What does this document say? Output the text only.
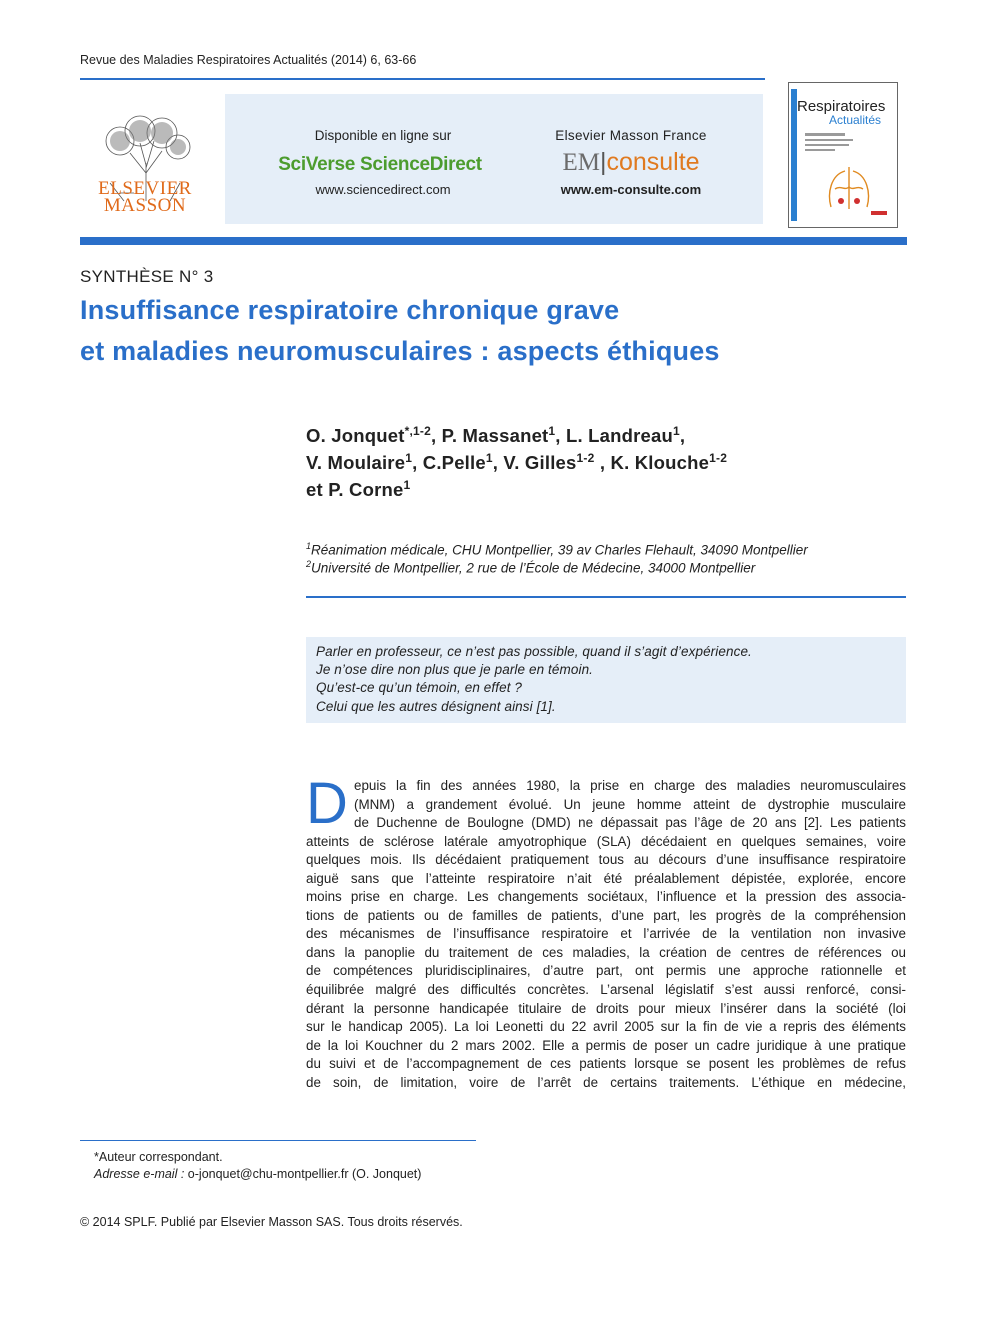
Revue des Maladies Respiratoires Actualités (2014) 6, 63-66
ELSEVIER
MASSON
Disponible en ligne sur
SciVerse ScienceDirect
www.sciencedirect.com
Elsevier Masson France
EM|consulte
www.em-consulte.com
Respiratoires
Actualités
SYNTHÈSE N° 3
Insuffisance respiratoire chronique grave
et maladies neuromusculaires : aspects éthiques
O. Jonquet$^{*,1-2}$, P. Massanet$^1$, L. Landreau$^1$,
V. Moulaire$^1$, C.Pelle$^1$, V. Gilles$^{1-2}$ , K. Klouche$^{1-2}$
et P. Corne$^1$
$^1$Réanimation médicale, CHU Montpellier, 39 av Charles Flehault, 34090 Montpellier
$^2$Université de Montpellier, 2 rue de l’École de Médecine, 34000 Montpellier
Parler en professeur, ce n’est pas possible, quand il s’agit d’expérience.
Je n’ose dire non plus que je parle en témoin.
Qu’est-ce qu’un témoin, en effet ?
Celui que les autres désignent ainsi [1].
D epuis la fin des années 1980, la prise en charge des maladies neuromusculaires
(MNM) a grandement évolué. Un jeune homme atteint de dystrophie musculaire
de Duchenne de Boulogne (DMD) ne dépassait pas l’âge de 20 ans [2]. Les patients
atteints de sclérose latérale amyotrophique (SLA) décédaient en quelques semaines, voire
quelques mois. Ils décédaient pratiquement tous au décours d’une insuffisance respiratoire
aiguë sans que l’atteinte respiratoire n’ait été préalablement dépistée, explorée, encore
moins prise en charge. Les changements sociétaux, l’influence et la pression des associa-
tions de patients ou de familles de patients, d’une part, les progrès de la compréhension
des mécanismes de l’insuffisance respiratoire et l’arrivée de la ventilation non invasive
dans la panoplie du traitement de ces maladies, la création de centres de références ou
de compétences pluridisciplinaires, d’autre part, ont permis une approche rationnelle et
équilibrée malgré des difficultés concrètes. L’arsenal législatif s’est aussi renforcé, consi-
dérant la personne handicapée titulaire de droits pour mieux l’insérer dans la société (loi
sur le handicap 2005). La loi Leonetti du 22 avril 2005 sur la fin de vie a repris des éléments
de la loi Kouchner du 2 mars 2002. Elle a permis de poser un cadre juridique à une pratique
du suivi et de l’accompagnement de ces patients lorsque se posent les problèmes de refus
de soin, de limitation, voire de l’arrêt de certains traitements. L’éthique en médecine,
*Auteur correspondant.
Adresse e-mail : o-jonquet@chu-montpellier.fr (O. Jonquet)
© 2014 SPLF. Publié par Elsevier Masson SAS. Tous droits réservés.
